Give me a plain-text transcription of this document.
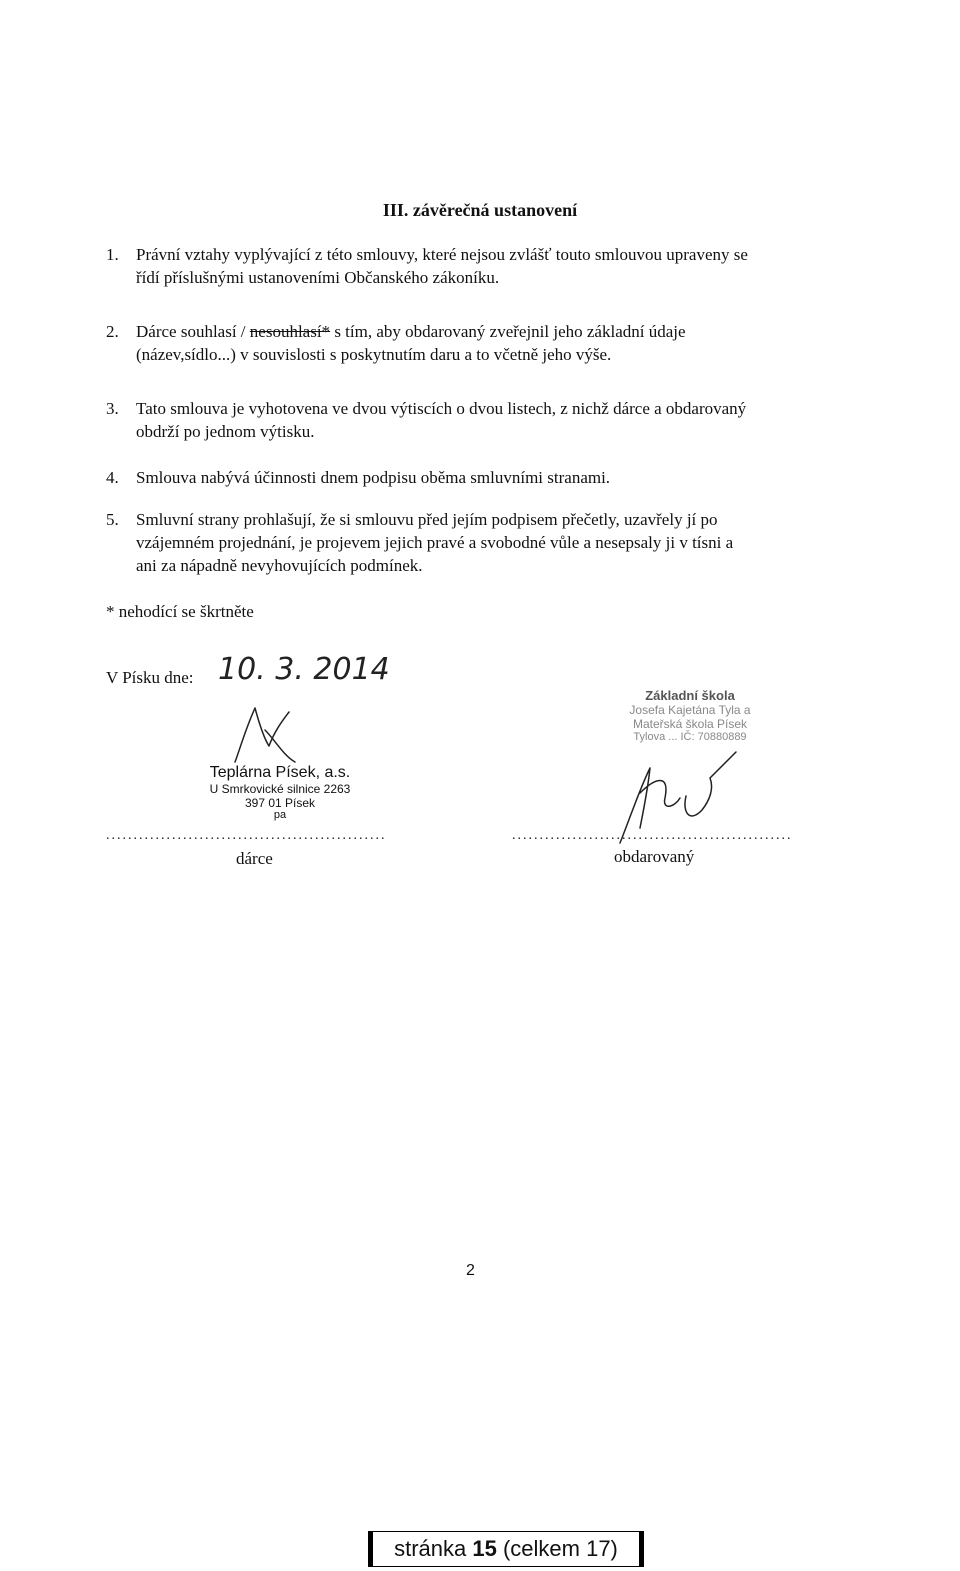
III. závěrečná ustanovení
1. Právní vztahy vyplývající z této smlouvy, které nejsou zvlášť touto smlouvou upraveny se
řídí příslušnými ustanoveními Občanského zákoníku.
2. Dárce souhlasí / nesouhlasí* s tím, aby obdarovaný zveřejnil jeho základní údaje
(název,sídlo...) v souvislosti s poskytnutím daru a to včetně jeho výše.
3. Tato smlouva je vyhotovena ve dvou výtiscích o dvou listech, z nichž dárce a obdarovaný
obdrží po jednom výtisku.
4. Smlouva nabývá účinnosti dnem podpisu oběma smluvními stranami.
5. Smluvní strany prohlašují, že si smlouvu před jejím podpisem přečetly, uzavřely jí po
vzájemném projednání, je projevem jejich pravé a svobodné vůle a nesepsaly ji v tísni a
ani za nápadně nevyhovujících podmínek.
* nehodící se škrtněte
V Písku dne: 10. 3. 2014
Teplárna Písek, a.s.
U Smrkovické silnice 2263
397 01 Písek
pa
Základní škola
Josefa Kajetána Tyla a
Mateřská škola Písek
Tylova ... IČ: 70880889
...................................................	...................................................
dárce	obdarovaný
2
stránka 15 (celkem 17)
